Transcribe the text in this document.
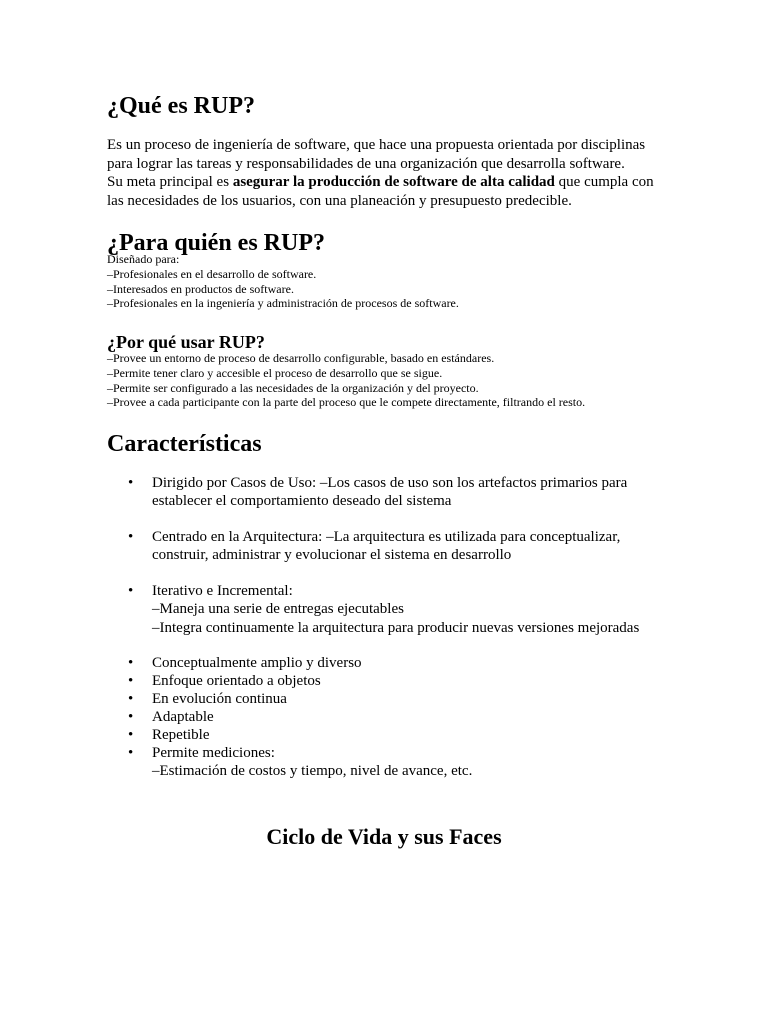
¿Qué es RUP?
Es un proceso de ingeniería de software, que hace una propuesta orientada por disciplinas
para lograr las tareas y responsabilidades de una organización que desarrolla software.
Su meta principal es asegurar la producción de software de alta calidad que cumpla con
las necesidades de los usuarios, con una planeación y presupuesto predecible.
¿Para quién es RUP?
Diseñado para:
–Profesionales en el desarrollo de software.
–Interesados en productos de software.
–Profesionales en la ingeniería y administración de procesos de software.
¿Por qué usar RUP?
–Provee un entorno de proceso de desarrollo configurable, basado en estándares.
–Permite tener claro y accesible el proceso de desarrollo que se sigue.
–Permite ser configurado a las necesidades de la organización y del proyecto.
–Provee a cada participante con la parte del proceso que le compete directamente, filtrando el resto.
Características
• Dirigido por Casos de Uso: –Los casos de uso son los artefactos primarios para
establecer el comportamiento deseado del sistema
• Centrado en la Arquitectura: –La arquitectura es utilizada para conceptualizar,
construir, administrar y evolucionar el sistema en desarrollo
• Iterativo e Incremental:
–Maneja una serie de entregas ejecutables
–Integra continuamente la arquitectura para producir nuevas versiones mejoradas
• Conceptualmente amplio y diverso
• Enfoque orientado a objetos
• En evolución continua
• Adaptable
• Repetible
• Permite mediciones:
–Estimación de costos y tiempo, nivel de avance, etc.
Ciclo de Vida y sus Faces
